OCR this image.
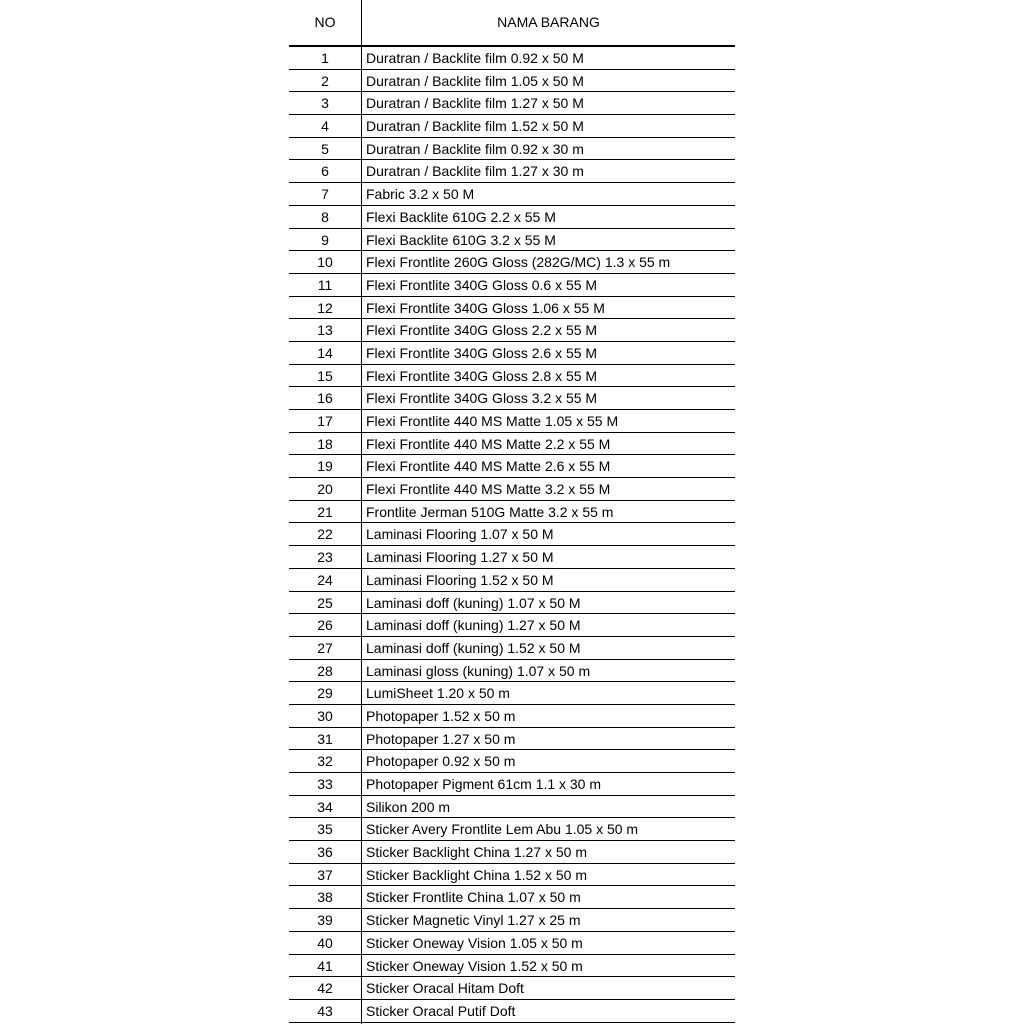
NO	NAMA BARANG
1	Duratran / Backlite film 0.92 x 50 M
2	Duratran / Backlite film 1.05 x 50 M
3	Duratran / Backlite film 1.27 x 50 M
4	Duratran / Backlite film 1.52 x 50 M
5	Duratran / Backlite film 0.92 x 30 m
6	Duratran / Backlite film 1.27 x 30 m
7	Fabric 3.2 x 50 M
8	Flexi Backlite 610G 2.2 x 55 M
9	Flexi Backlite 610G 3.2 x 55 M
10	Flexi Frontlite 260G Gloss (282G/MC) 1.3 x 55 m
11	Flexi Frontlite 340G Gloss 0.6 x 55 M
12	Flexi Frontlite 340G Gloss 1.06 x 55 M
13	Flexi Frontlite 340G Gloss 2.2 x 55 M
14	Flexi Frontlite 340G Gloss 2.6 x 55 M
15	Flexi Frontlite 340G Gloss 2.8 x 55 M
16	Flexi Frontlite 340G Gloss 3.2 x 55 M
17	Flexi Frontlite 440 MS Matte 1.05 x 55 M
18	Flexi Frontlite 440 MS Matte 2.2 x 55 M
19	Flexi Frontlite 440 MS Matte 2.6 x 55 M
20	Flexi Frontlite 440 MS Matte 3.2 x 55 M
21	Frontlite Jerman 510G Matte 3.2 x 55 m
22	Laminasi Flooring 1.07 x 50 M
23	Laminasi Flooring 1.27 x 50 M
24	Laminasi Flooring 1.52 x 50 M
25	Laminasi doff (kuning) 1.07 x 50 M
26	Laminasi doff (kuning) 1.27 x 50 M
27	Laminasi doff (kuning) 1.52 x 50 M
28	Laminasi gloss (kuning) 1.07 x 50 m
29	LumiSheet 1.20 x 50 m
30	Photopaper 1.52 x 50 m
31	Photopaper 1.27 x 50 m
32	Photopaper 0.92 x 50 m
33	Photopaper Pigment 61cm 1.1 x 30 m
34	Silikon 200 m
35	Sticker Avery Frontlite Lem Abu 1.05 x 50 m
36	Sticker Backlight China 1.27 x 50 m
37	Sticker Backlight China 1.52 x 50 m
38	Sticker Frontlite China 1.07 x 50 m
39	Sticker Magnetic Vinyl 1.27 x 25 m
40	Sticker Oneway Vision 1.05 x 50 m
41	Sticker Oneway Vision 1.52 x 50 m
42	Sticker Oracal Hitam Doft
43	Sticker Oracal Putif Doft
